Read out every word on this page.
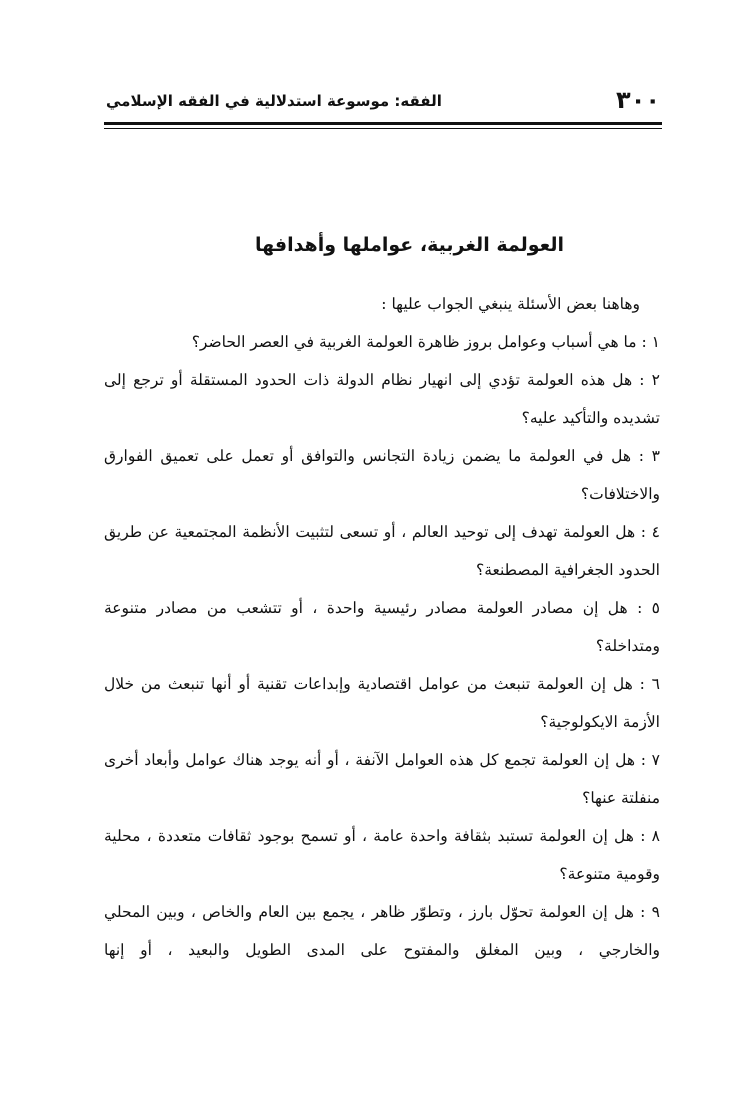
٣٠٠
الفقه: موسوعة استدلالية في الفقه الإسلامي
العولمة الغربية، عواملها وأهدافها

وهاهنا بعض الأسئلة ينبغي الجواب عليها :

١ : ما هي أسباب وعوامل بروز ظاهرة العولمة الغربية في العصر الحاضر؟

٢ : هل هذه العولمة تؤدي إلى انهيار نظام الدولة ذات الحدود المستقلة أو ترجع إلى تشديده والتأكيد عليه؟

٣ : هل في العولمة ما يضمن زيادة التجانس والتوافق أو تعمل على تعميق الفوارق والاختلافات؟

٤ : هل العولمة تهدف إلى توحيد العالم ، أو تسعى لتثبيت الأنظمة المجتمعية عن طريق الحدود الجغرافية المصطنعة؟

٥ : هل إن مصادر العولمة مصادر رئيسية واحدة ، أو تتشعب من مصادر متنوعة ومتداخلة؟

٦ : هل إن العولمة تنبعث من عوامل اقتصادية وإبداعات تقنية أو أنها تنبعث من خلال الأزمة الايكولوجية؟

٧ : هل إن العولمة تجمع كل هذه العوامل الآنفة ، أو أنه يوجد هناك عوامل وأبعاد أخرى منفلتة عنها؟

٨ : هل إن العولمة تستبد بثقافة واحدة عامة ، أو تسمح بوجود ثقافات متعددة ، محلية وقومية متنوعة؟

٩ : هل إن العولمة تحوّل بارز ، وتطوّر ظاهر ، يجمع بين العام والخاص ، وبين المحلي والخارجي ، وبين المغلق والمفتوح على المدى الطويل والبعيد ، أو إنها
